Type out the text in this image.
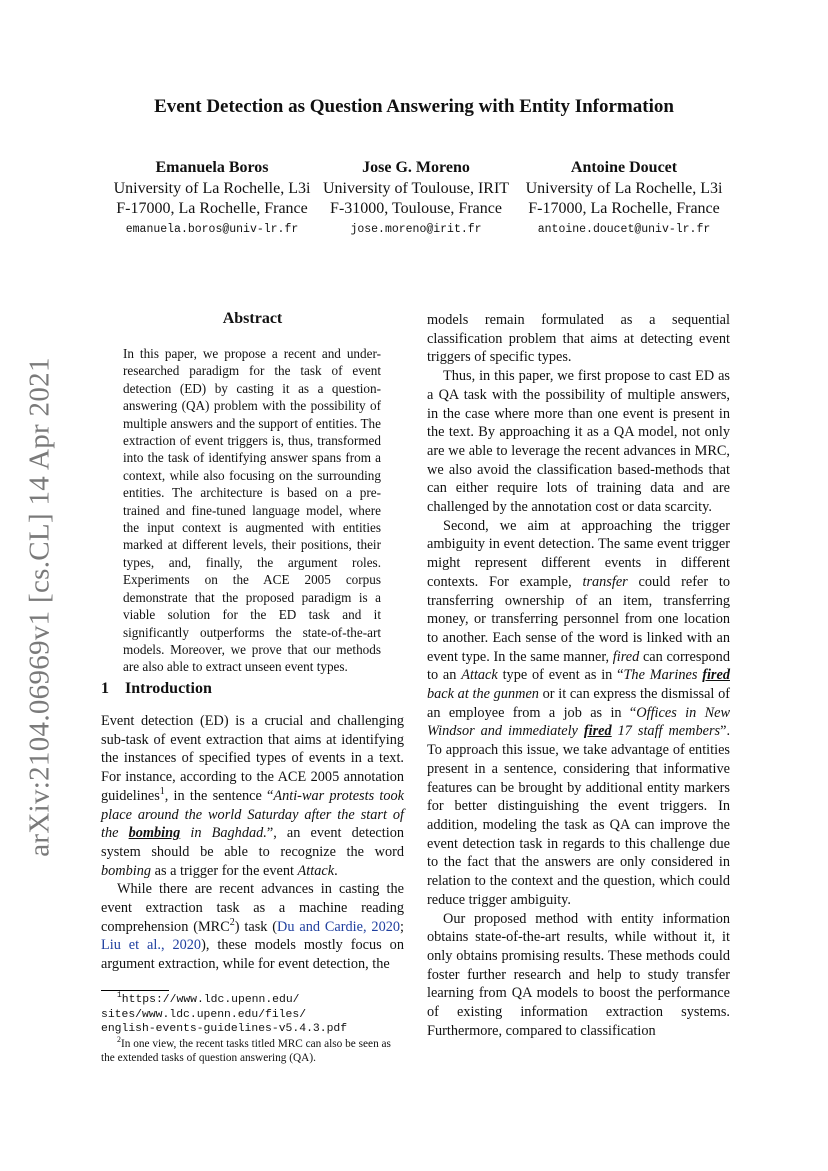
arXiv:2104.06969v1 [cs.CL] 14 Apr 2021
Event Detection as Question Answering with Entity Information
Emanuela Boros
University of La Rochelle, L3i
F-17000, La Rochelle, France
emanuela.boros@univ-lr.fr
Jose G. Moreno
University of Toulouse, IRIT
F-31000, Toulouse, France
jose.moreno@irit.fr
Antoine Doucet
University of La Rochelle, L3i
F-17000, La Rochelle, France
antoine.doucet@univ-lr.fr
Abstract

In this paper, we propose a recent and under-researched paradigm for the task of event detection (ED) by casting it as a question-answering (QA) problem with the possibility of multiple answers and the support of entities. The extraction of event triggers is, thus, transformed into the task of identifying answer spans from a context, while also focusing on the surrounding entities. The architecture is based on a pre-trained and fine-tuned language model, where the input context is augmented with entities marked at different levels, their positions, their types, and, finally, the argument roles. Experiments on the ACE 2005 corpus demonstrate that the proposed paradigm is a viable solution for the ED task and it significantly outperforms the state-of-the-art models. Moreover, we prove that our methods are also able to extract unseen event types.

1 Introduction

Event detection (ED) is a crucial and challenging sub-task of event extraction that aims at identifying the instances of specified types of events in a text. For instance, according to the ACE 2005 annotation guidelines$^1$, in the sentence “Anti-war protests took place around the world Saturday after the start of the bombing in Baghdad.”, an event detection system should be able to recognize the word bombing as a trigger for the event Attack.

While there are recent advances in casting the event extraction task as a machine reading comprehension (MRC$^2$) task (Du and Cardie, 2020; Liu et al., 2020), these models mostly focus on argument extraction, while for event detection, the

models remain formulated as a sequential classification problem that aims at detecting event triggers of specific types.

Thus, in this paper, we first propose to cast ED as a QA task with the possibility of multiple answers, in the case where more than one event is present in the text. By approaching it as a QA model, not only are we able to leverage the recent advances in MRC, we also avoid the classification based-methods that can either require lots of training data and are challenged by the annotation cost or data scarcity.

Second, we aim at approaching the trigger ambiguity in event detection. The same event trigger might represent different events in different contexts. For example, transfer could refer to transferring ownership of an item, transferring money, or transferring personnel from one location to another. Each sense of the word is linked with an event type. In the same manner, fired can correspond to an Attack type of event as in “The Marines fired back at the gunmen or it can express the dismissal of an employee from a job as in “Offices in New Windsor and immediately fired 17 staff members”. To approach this issue, we take advantage of entities present in a sentence, considering that informative features can be brought by additional entity markers for better distinguishing the event triggers. In addition, modeling the task as QA can improve the event detection task in regards to this challenge due to the fact that the answers are only considered in relation to the context and the question, which could reduce trigger ambiguity.

Our proposed method with entity information obtains state-of-the-art results, while without it, it only obtains promising results. These methods could foster further research and help to study transfer learning from QA models to boost the performance of existing information extraction systems. Furthermore, compared to classification

$^1$https://www.ldc.upenn.edu/
sites/www.ldc.upenn.edu/files/
english-events-guidelines-v5.4.3.pdf

$^2$In one view, the recent tasks titled MRC can also be seen as the extended tasks of question answering (QA).
